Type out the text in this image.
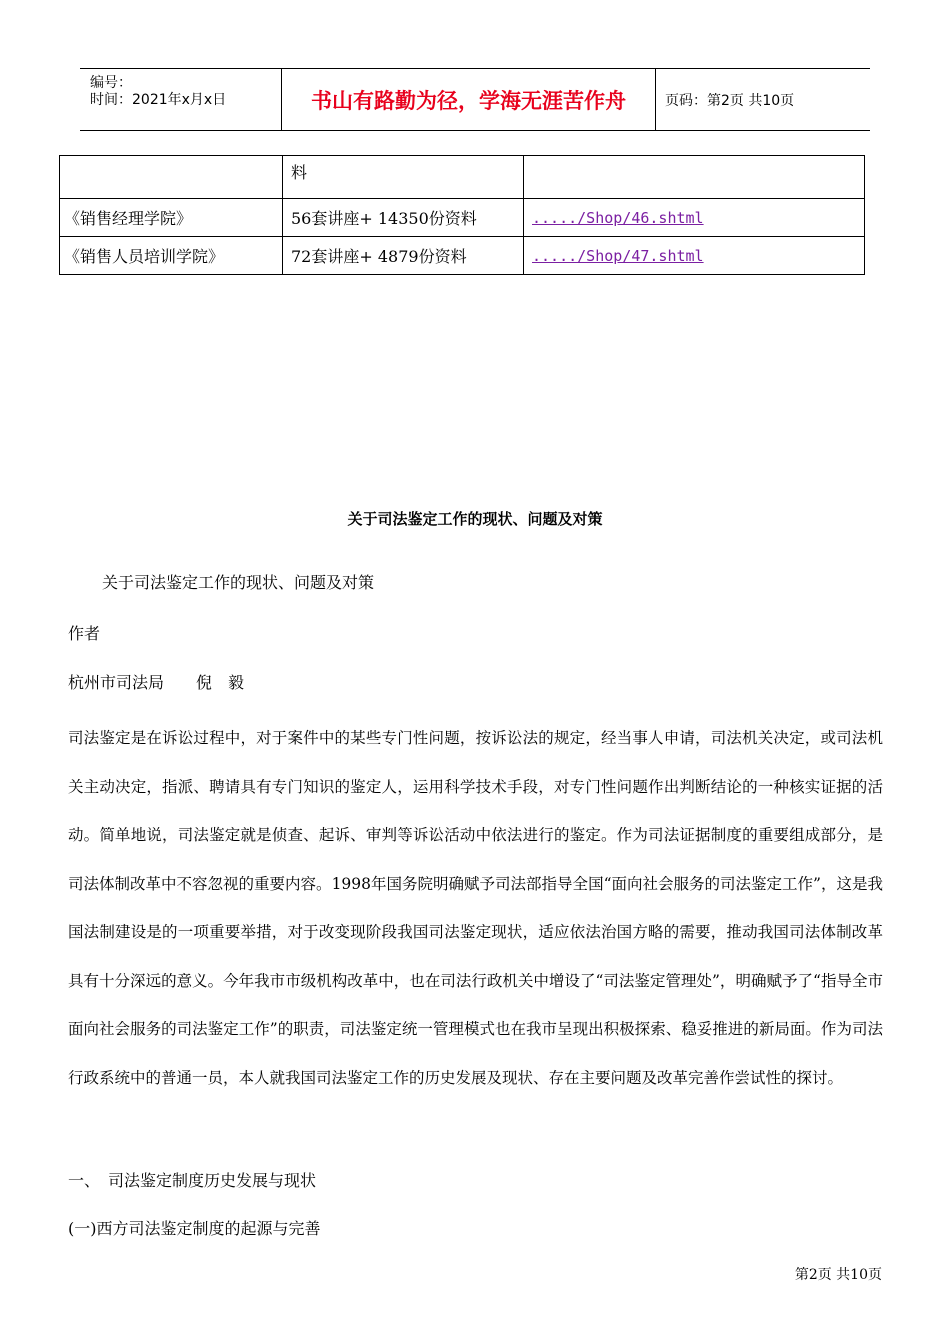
编号：
时间：2021年x月x日	书山有路勤为径，学海无涯苦作舟	页码：第2页 共10页
	料	
《销售经理学院》	56套讲座+ 14350份资料	...../Shop/46.shtml
《销售人员培训学院》	72套讲座+ 4879份资料	...../Shop/47.shtml
关于司法鉴定工作的现状、问题及对策
关于司法鉴定工作的现状、问题及对策
作者
杭州市司法局　　倪　毅
司法鉴定是在诉讼过程中，对于案件中的某些专门性问题，按诉讼法的规定，经当事人申请，司法机关决定，或司法机关主动决定，指派、聘请具有专门知识的鉴定人，运用科学技术手段，对专门性问题作出判断结论的一种核实证据的活动。简单地说，司法鉴定就是侦查、起诉、审判等诉讼活动中依法进行的鉴定。作为司法证据制度的重要组成部分，是司法体制改革中不容忽视的重要内容。1998年国务院明确赋予司法部指导全国“面向社会服务的司法鉴定工作”，这是我国法制建设是的一项重要举措，对于改变现阶段我国司法鉴定现状，适应依法治国方略的需要，推动我国司法体制改革具有十分深远的意义。今年我市市级机构改革中，也在司法行政机关中增设了“司法鉴定管理处”，明确赋予了“指导全市面向社会服务的司法鉴定工作”的职责，司法鉴定统一管理模式也在我市呈现出积极探索、稳妥推进的新局面。作为司法行政系统中的普通一员，本人就我国司法鉴定工作的历史发展及现状、存在主要问题及改革完善作尝试性的探讨。
一、　司法鉴定制度历史发展与现状
(一)西方司法鉴定制度的起源与完善
第2页 共10页
